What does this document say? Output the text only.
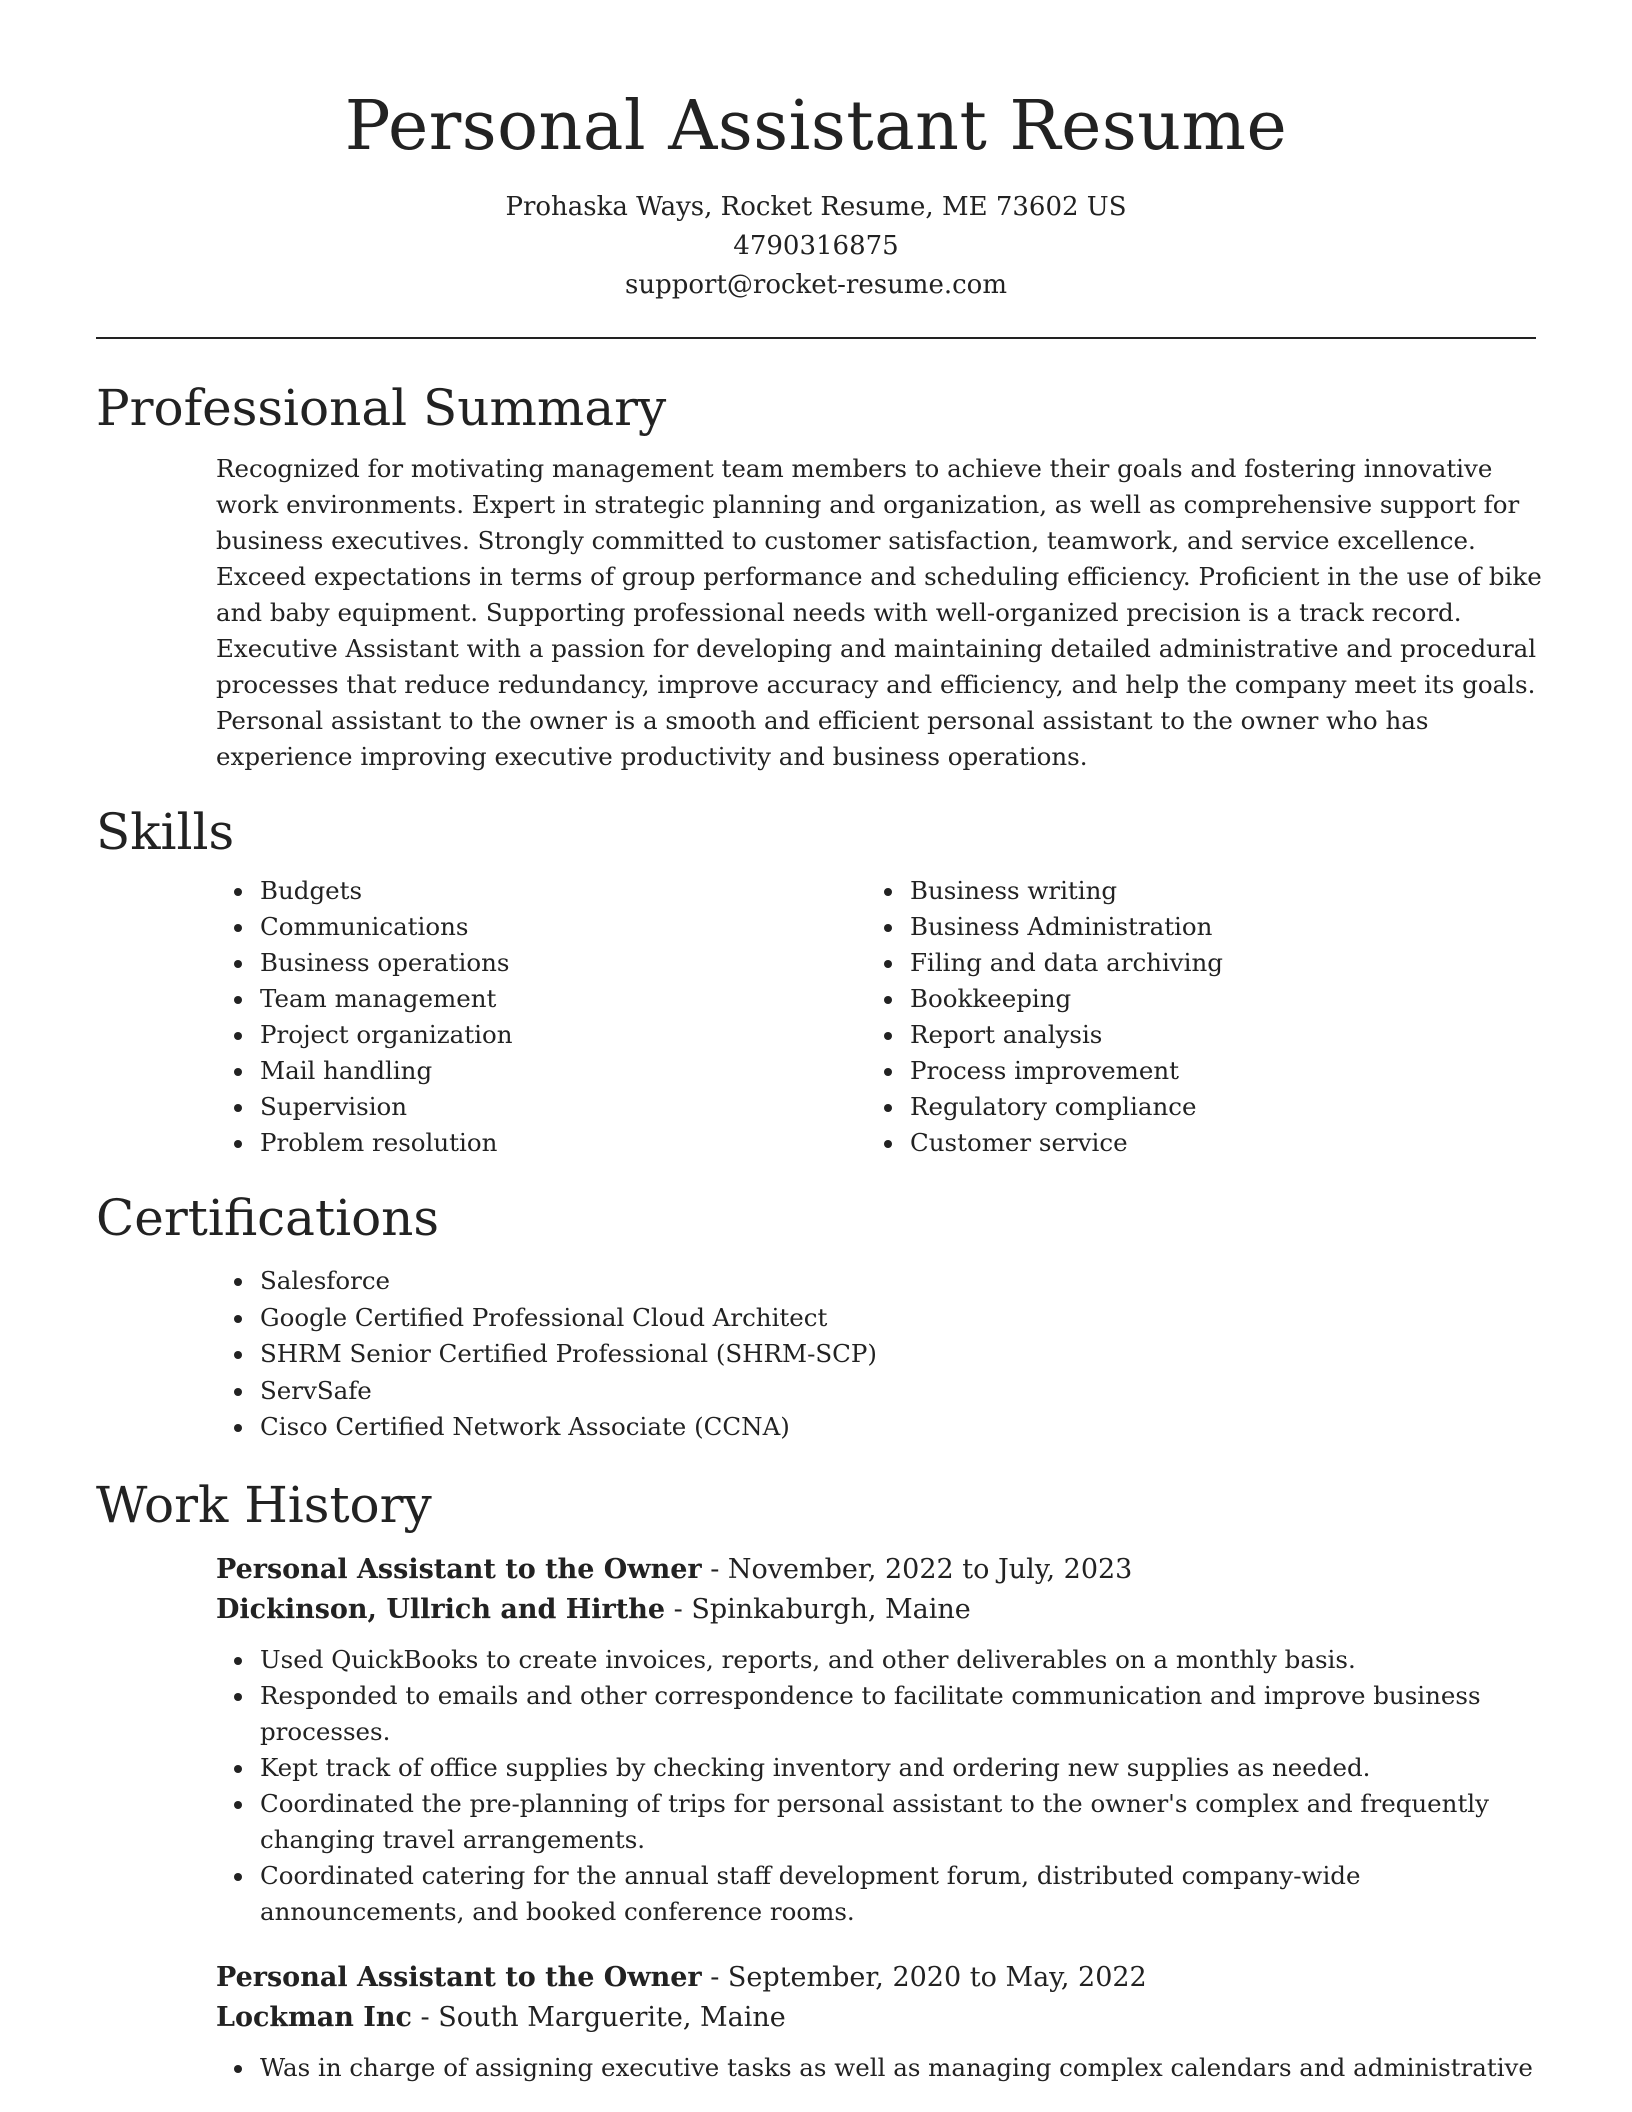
Personal Assistant Resume
Prohaska Ways, Rocket Resume, ME 73602 US
4790316875
support@rocket-resume.com
Professional Summary

Recognized for motivating management team members to achieve their goals and fostering innovative work environments. Expert in strategic planning and organization, as well as comprehensive support for business executives. Strongly committed to customer satisfaction, teamwork, and service excellence. Exceed expectations in terms of group performance and scheduling efficiency. Proficient in the use of bike and baby equipment. Supporting professional needs with well-organized precision is a track record. Executive Assistant with a passion for developing and maintaining detailed administrative and procedural processes that reduce redundancy, improve accuracy and efficiency, and help the company meet its goals. Personal assistant to the owner is a smooth and efficient personal assistant to the owner who has experience improving executive productivity and business operations.

Skills
Budgets
Communications
Business operations
Team management
Project organization
Mail handling
Supervision
Problem resolution
Business writing
Business Administration
Filing and data archiving
Bookkeeping
Report analysis
Process improvement
Regulatory compliance
Customer service
Certifications
Salesforce
Google Certified Professional Cloud Architect
SHRM Senior Certified Professional (SHRM-SCP)
ServSafe
Cisco Certified Network Associate (CCNA)
Work History

Personal Assistant to the Owner - November, 2022 to July, 2023

Dickinson, Ullrich and Hirthe - Spinkaburgh, Maine

Used QuickBooks to create invoices, reports, and other deliverables on a monthly basis.
Responded to emails and other correspondence to facilitate communication and improve business processes.
Kept track of office supplies by checking inventory and ordering new supplies as needed.
Coordinated the pre-planning of trips for personal assistant to the owner's complex and frequently changing travel arrangements.
Coordinated catering for the annual staff development forum, distributed company-wide announcements, and booked conference rooms.

Personal Assistant to the Owner - September, 2020 to May, 2022

Lockman Inc - South Marguerite, Maine

Was in charge of assigning executive tasks as well as managing complex calendars and administrative
